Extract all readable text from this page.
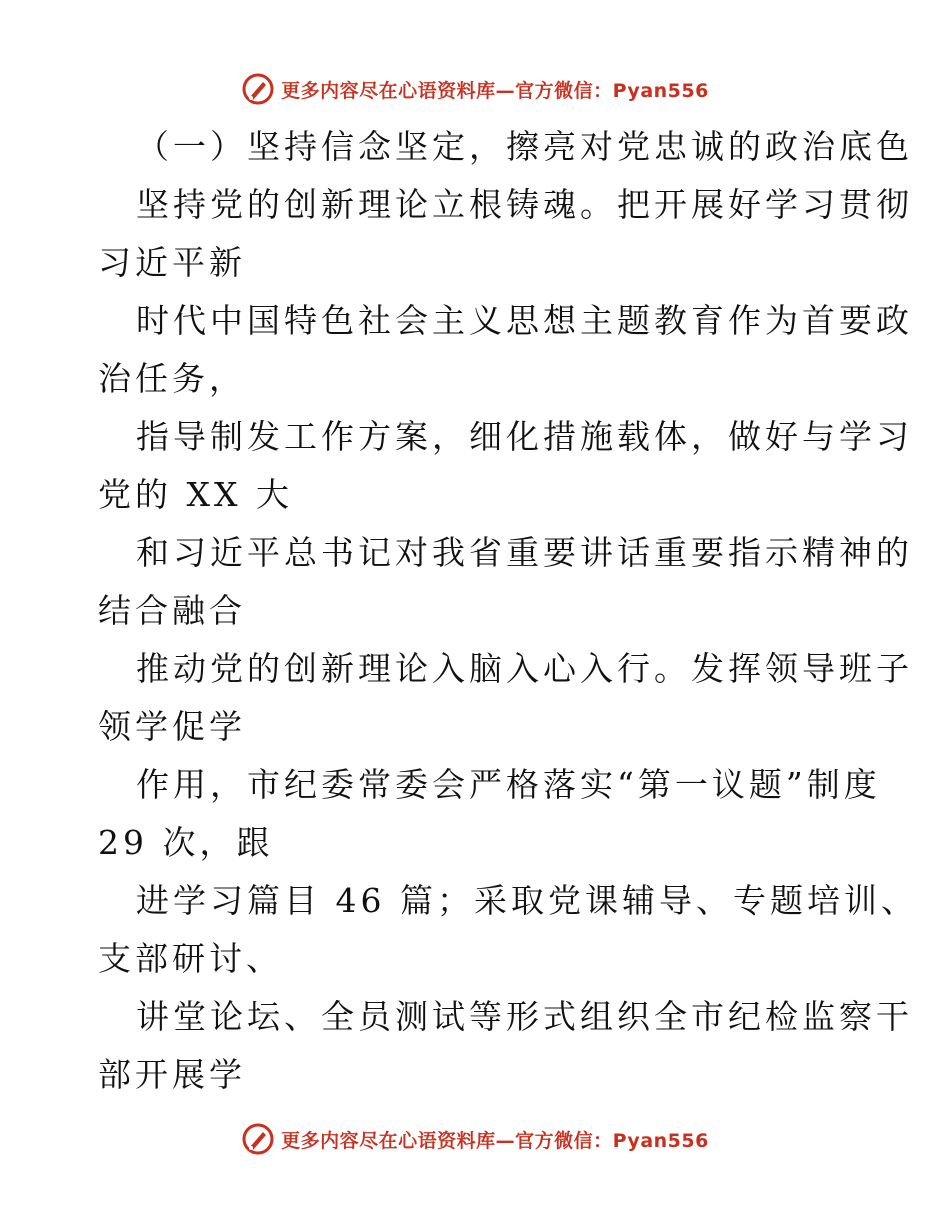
更多内容尽在心语资料库—官方微信：Pyan556
（一）坚持信念坚定，擦亮对党忠诚的政治底色
坚持党的创新理论立根铸魂。把开展好学习贯彻
习近平新
时代中国特色社会主义思想主题教育作为首要政
治任务，
指导制发工作方案，细化措施载体，做好与学习
党的 XX 大
和习近平总书记对我省重要讲话重要指示精神的
结合融合
推动党的创新理论入脑入心入行。发挥领导班子
领学促学
作用，市纪委常委会严格落实“第一议题”制度
29 次，跟
进学习篇目 46 篇；采取党课辅导、专题培训、
支部研讨、
讲堂论坛、全员测试等形式组织全市纪检监察干
部开展学
更多内容尽在心语资料库—官方微信：Pyan556
